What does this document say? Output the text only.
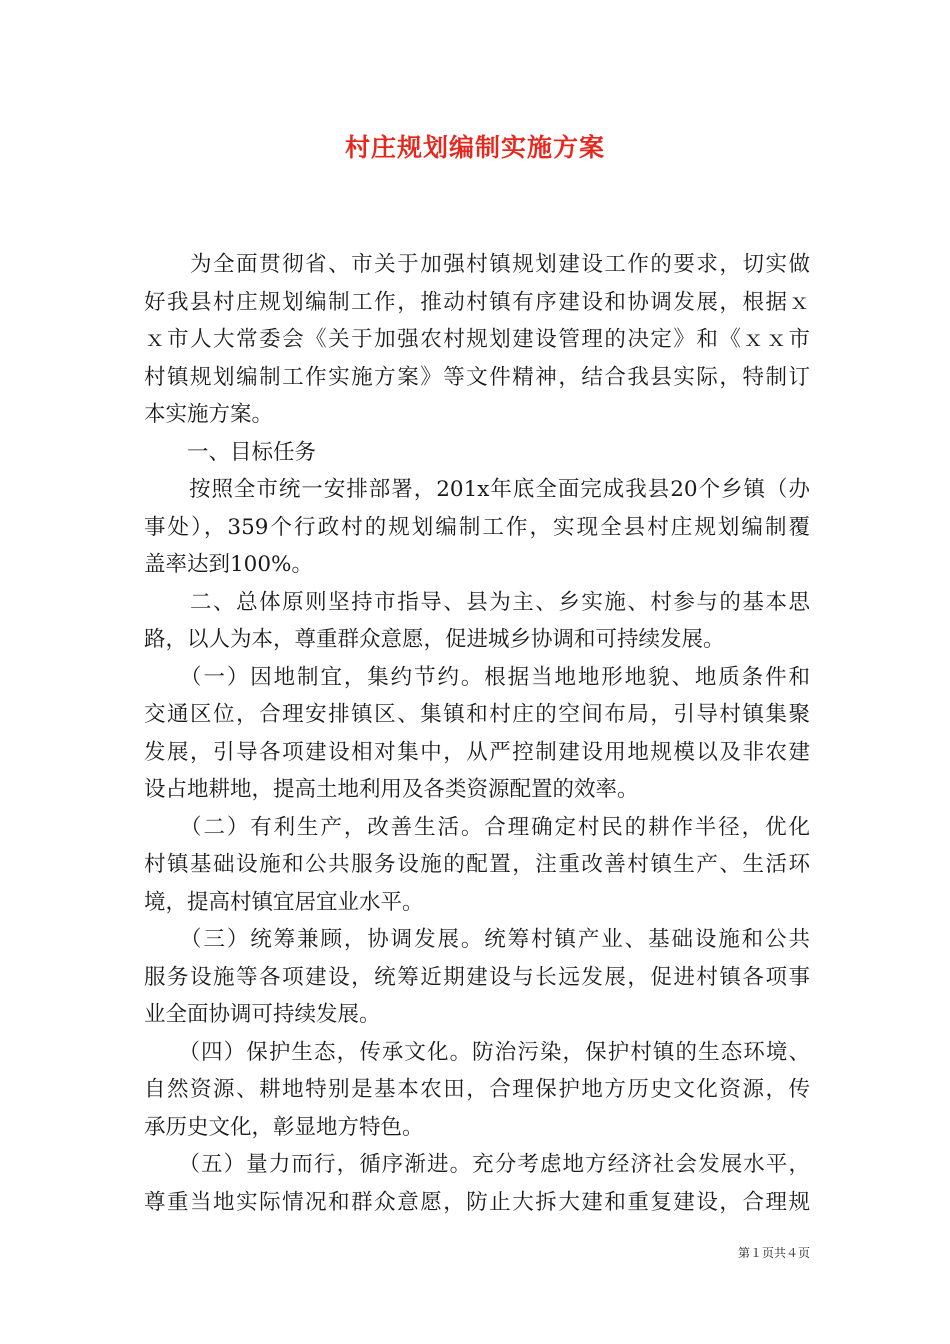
村庄规划编制实施方案
　　为全面贯彻省、市关于加强村镇规划建设工作的要求，切实做
好我县村庄规划编制工作，推动村镇有序建设和协调发展，根据ｘ
ｘ市人大常委会《关于加强农村规划建设管理的决定》和《ｘｘ市
村镇规划编制工作实施方案》等文件精神，结合我县实际，特制订
本实施方案。
　　一、目标任务
　　按照全市统一安排部署，201x年底全面完成我县20个乡镇（办
事处），359个行政村的规划编制工作，实现全县村庄规划编制覆
盖率达到100%。
　　二、总体原则坚持市指导、县为主、乡实施、村参与的基本思
路，以人为本，尊重群众意愿，促进城乡协调和可持续发展。
　　（一）因地制宜，集约节约。根据当地地形地貌、地质条件和
交通区位，合理安排镇区、集镇和村庄的空间布局，引导村镇集聚
发展，引导各项建设相对集中，从严控制建设用地规模以及非农建
设占地耕地，提高土地利用及各类资源配置的效率。
　　（二）有利生产，改善生活。合理确定村民的耕作半径，优化
村镇基础设施和公共服务设施的配置，注重改善村镇生产、生活环
境，提高村镇宜居宜业水平。
　　（三）统筹兼顾，协调发展。统筹村镇产业、基础设施和公共
服务设施等各项建设，统筹近期建设与长远发展，促进村镇各项事
业全面协调可持续发展。
　　（四）保护生态，传承文化。防治污染，保护村镇的生态环境、
自然资源、耕地特别是基本农田，合理保护地方历史文化资源，传
承历史文化，彰显地方特色。
　　（五）量力而行，循序渐进。充分考虑地方经济社会发展水平，
尊重当地实际情况和群众意愿，防止大拆大建和重复建设，合理规
第１页共４页
